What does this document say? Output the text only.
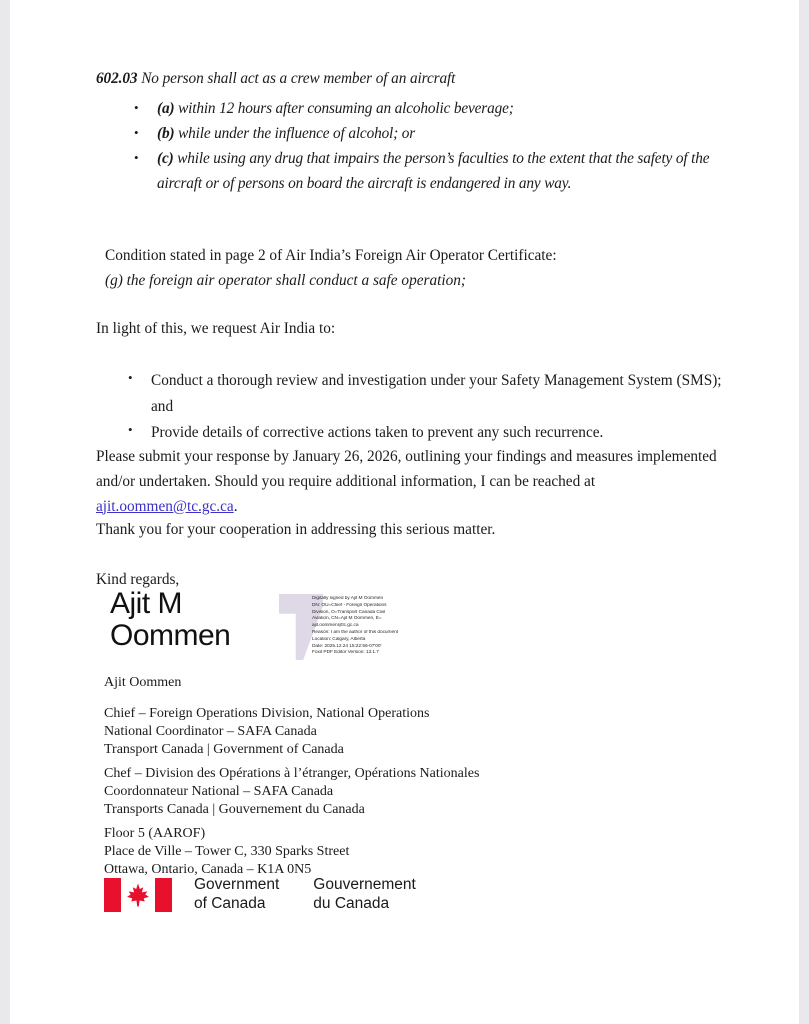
602.03 No person shall act as a crew member of an aircraft
• (a) within 12 hours after consuming an alcoholic beverage;
• (b) while under the influence of alcohol; or
• (c) while using any drug that impairs the person’s faculties to the extent that the safety of the aircraft or of persons on board the aircraft is endangered in any way.
Condition stated in page 2 of Air India’s Foreign Air Operator Certificate:
(g) the foreign air operator shall conduct a safe operation;
In light of this, we request Air India to:
• Conduct a thorough review and investigation under your Safety Management System (SMS); and
• Provide details of corrective actions taken to prevent any such recurrence.
Please submit your response by January 26, 2026, outlining your findings and measures implemented and/or undertaken. Should you require additional information, I can be reached at ajit.oommen@tc.gc.ca.
Thank you for your cooperation in addressing this serious matter.
Kind regards,
Ajit M
Oommen
Digitally signed by Ajit M Oommen
DN: OU=Chief - Foreign Operations
Division, O=Transport Canada Civil
Aviation, CN=Ajit M Oommen, E=
ajit.oommen@tc.gc.ca
Reason: I am the author of this document
Location: Calgary, Alberta
Date: 2025.12.24 15:22:56-07'00'
Foxit PDF Editor Version: 13.1.7
Ajit Oommen
Chief – Foreign Operations Division, National Operations
National Coordinator – SAFA Canada
Transport Canada | Government of Canada
Chef – Division des Opérations à l’étranger, Opérations Nationales
Coordonnateur National – SAFA Canada
Transports Canada | Gouvernement du Canada
Floor 5 (AAROF)
Place de Ville – Tower C, 330 Sparks Street
Ottawa, Ontario, Canada – K1A 0N5
Government
of Canada
Gouvernement
du Canada
